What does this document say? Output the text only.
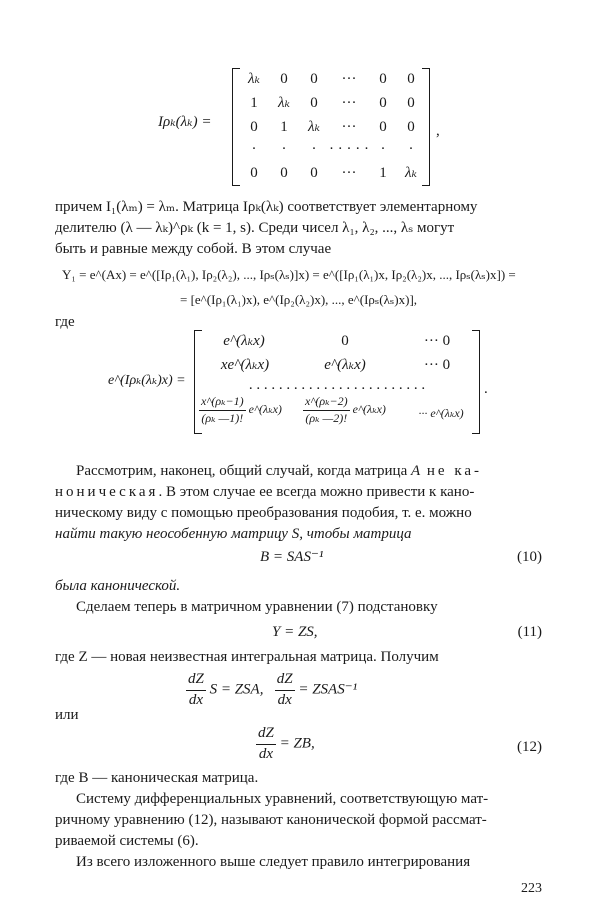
Iρₖ(λₖ) =
λₖ	0	0	···	0	0
1	λₖ	0	···	0	0
0	1	λₖ	···	0	0
·	·	· · · · · · ·	·
0	0	0	···	1	λₖ
,
причем I₁(λₘ) = λₘ. Матрица Iρₖ(λₖ) соответствует элементарному
делителю (λ — λₖ)^ρₖ (k = 1, s). Среди чисел λ₁, λ₂, ..., λₛ могут
быть и равные между собой. В этом случае
Y₁ = e^(Ax) = e^([Iρ₁(λ₁), Iρ₂(λ₂), ..., Iρₛ(λₛ)]x) = e^([Iρ₁(λ₁)x, Iρ₂(λ₂)x, ..., Iρₛ(λₛ)x]) =
= [e^(Iρ₁(λ₁)x), e^(Iρ₂(λ₂)x), ..., e^(Iρₛ(λₛ)x)],
где
e^(Iρₖ(λₖ)x) =
e^(λₖx)	0	··· 0
xe^(λₖx)	e^(λₖx)	··· 0
. . . . . . . . . . . . . . . . . . . . . . . .
$\frac{\text{x\textasciicircum{}(ρₖ−1)}}{\text{(ρₖ —1)!}}$ e^(λₖx)	$\frac{\text{x\textasciicircum{}(ρₖ−2)}}{\text{(ρₖ —2)!}}$ e^(λₖx)	··· e^(λₖx)
.
Рассмотрим, наконец, общий случай, когда матрица A не ка-
ноническая. В этом случае ее всегда можно привести к кано-
ническому виду с помощью преобразования подобия, т. е. можно
найти такую неособенную матрицу S, чтобы матрица
B = SAS⁻¹	(10)
была канонической.
Сделаем теперь в матричном уравнении (7) подстановку
Y = ZS,	(11)
где Z — новая неизвестная интегральная матрица. Получим
$\frac{dZ}{dx}$ S = ZSA, $\frac{dZ}{dx}$ = ZSAS⁻¹
или
$\frac{dZ}{dx}$ = ZB,	(12)
где B — каноническая матрица.
Систему дифференциальных уравнений, соответствующую мат-
ричному уравнению (12), называют канонической формой рассмат-
риваемой системы (6).
Из всего изложенного выше следует правило интегрирования
223
